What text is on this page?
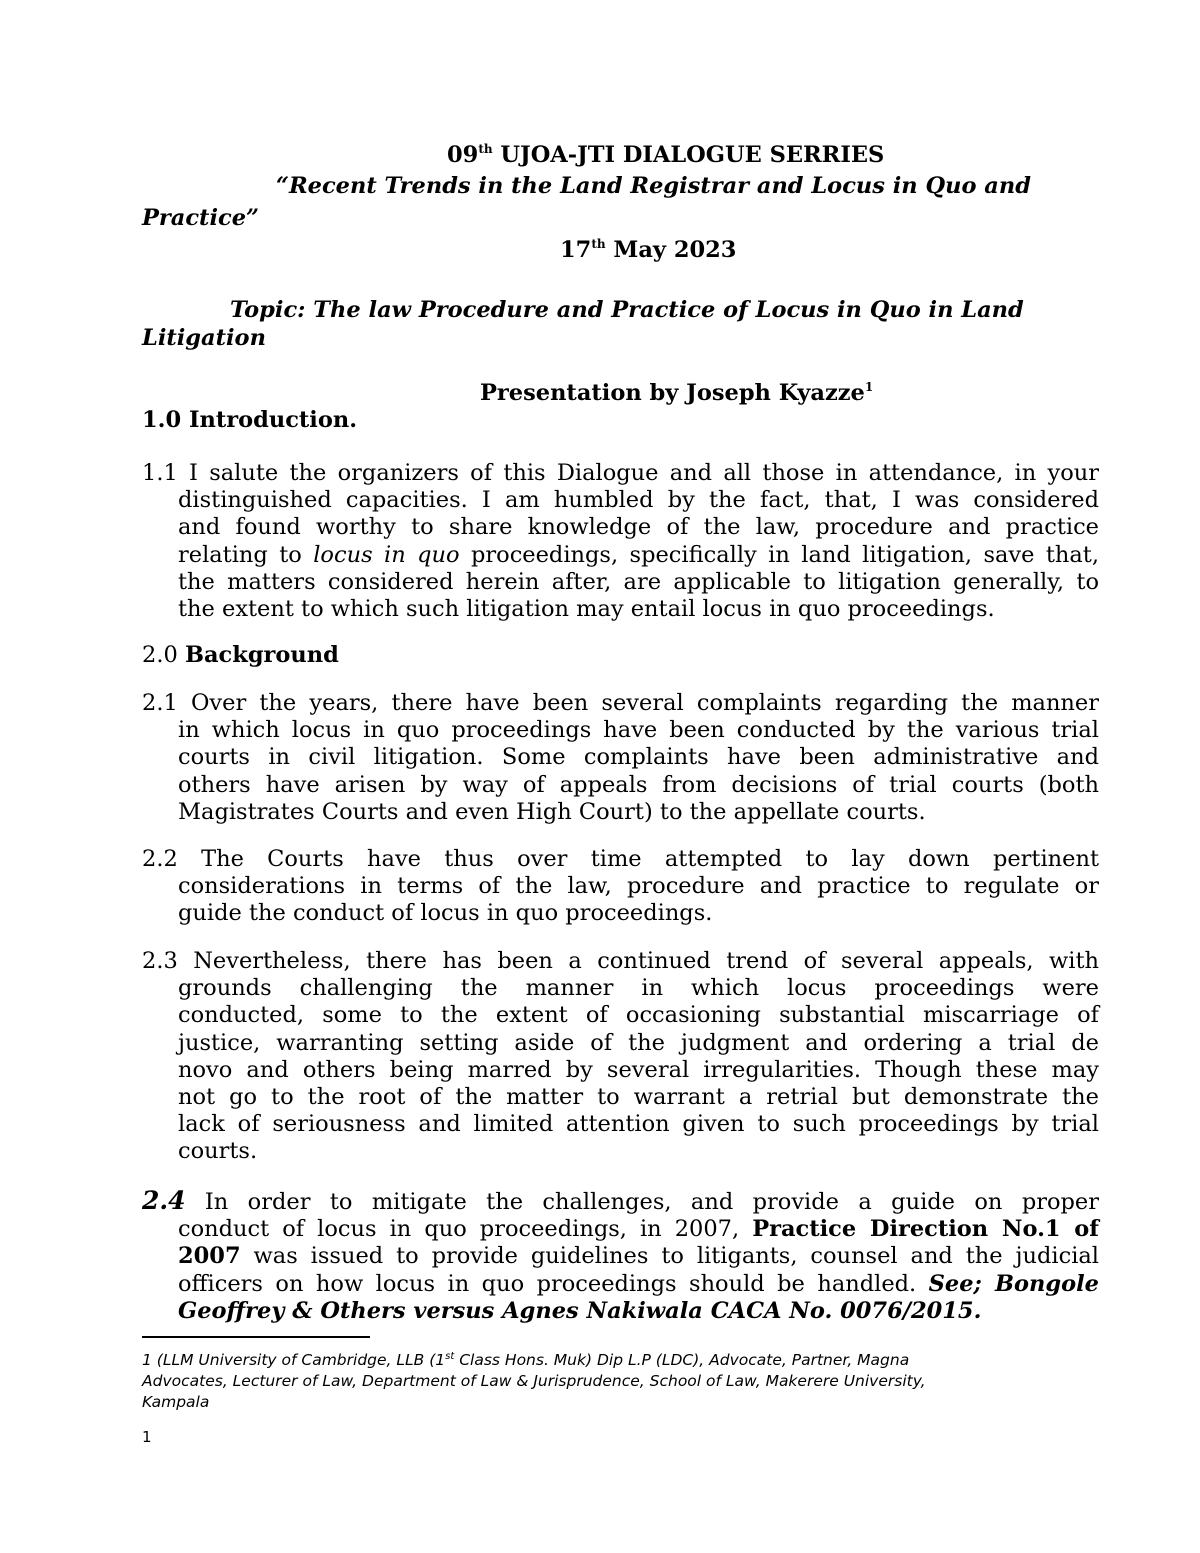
09th UJOA-JTI DIALOGUE SERRIES
“Recent Trends in the Land Registrar and Locus in Quo and
Practice”
17th May 2023
Topic: The law Procedure and Practice of Locus in Quo in Land
Litigation
Presentation by Joseph Kyazze$^1$
1.0 Introduction.
1.1 I salute the organizers of this Dialogue and all those in attendance, in your
distinguished capacities. I am humbled by the fact, that, I was considered
and found worthy to share knowledge of the law, procedure and practice
relating to locus in quo proceedings, specifically in land litigation, save that,
the matters considered herein after, are applicable to litigation generally, to
the extent to which such litigation may entail locus in quo proceedings.
2.0 Background
2.1 Over the years, there have been several complaints regarding the manner
in which locus in quo proceedings have been conducted by the various trial
courts in civil litigation. Some complaints have been administrative and
others have arisen by way of appeals from decisions of trial courts (both
Magistrates Courts and even High Court) to the appellate courts.
2.2 The Courts have thus over time attempted to lay down pertinent
considerations in terms of the law, procedure and practice to regulate or
guide the conduct of locus in quo proceedings.
2.3 Nevertheless, there has been a continued trend of several appeals, with
grounds challenging the manner in which locus proceedings were
conducted, some to the extent of occasioning substantial miscarriage of
justice, warranting setting aside of the judgment and ordering a trial de
novo and others being marred by several irregularities. Though these may
not go to the root of the matter to warrant a retrial but demonstrate the
lack of seriousness and limited attention given to such proceedings by trial
courts.
2.4 In order to mitigate the challenges, and provide a guide on proper
conduct of locus in quo proceedings, in 2007, Practice Direction No.1 of
2007 was issued to provide guidelines to litigants, counsel and the judicial
officers on how locus in quo proceedings should be handled. See; Bongole
Geoffrey & Others versus Agnes Nakiwala CACA No. 0076/2015.
1 (LLM University of Cambridge, LLB (1st Class Hons. Muk) Dip L.P (LDC), Advocate, Partner, Magna
Advocates, Lecturer of Law, Department of Law & Jurisprudence, School of Law, Makerere University,
Kampala
1
